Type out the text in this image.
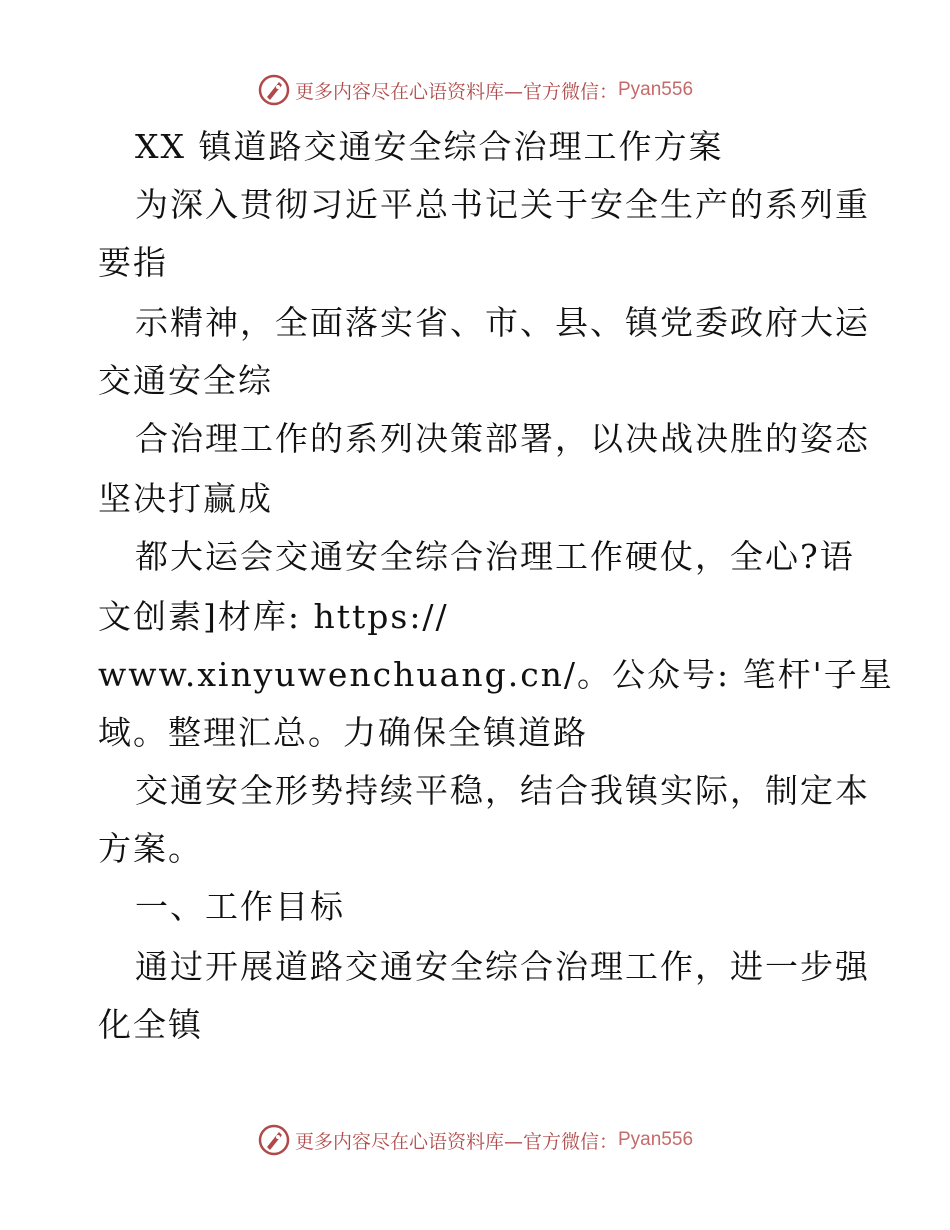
更多内容尽在心语资料库—官方微信： Pyan556
XX 镇道路交通安全综合治理工作方案
为深入贯彻习近平总书记关于安全生产的系列重
要指
示精神，全面落实省、市、县、镇党委政府大运
交通安全综
合治理工作的系列决策部署，以决战决胜的姿态
坚决打赢成
都大运会交通安全综合治理工作硬仗，全心?语
文创素]材库: https://
www.xinyuwenchuang.cn/。公众号: 笔杆'子星
域。整理汇总。力确保全镇道路
交通安全形势持续平稳，结合我镇实际，制定本
方案。
一、工作目标
通过开展道路交通安全综合治理工作，进一步强
化全镇
更多内容尽在心语资料库—官方微信： Pyan556
